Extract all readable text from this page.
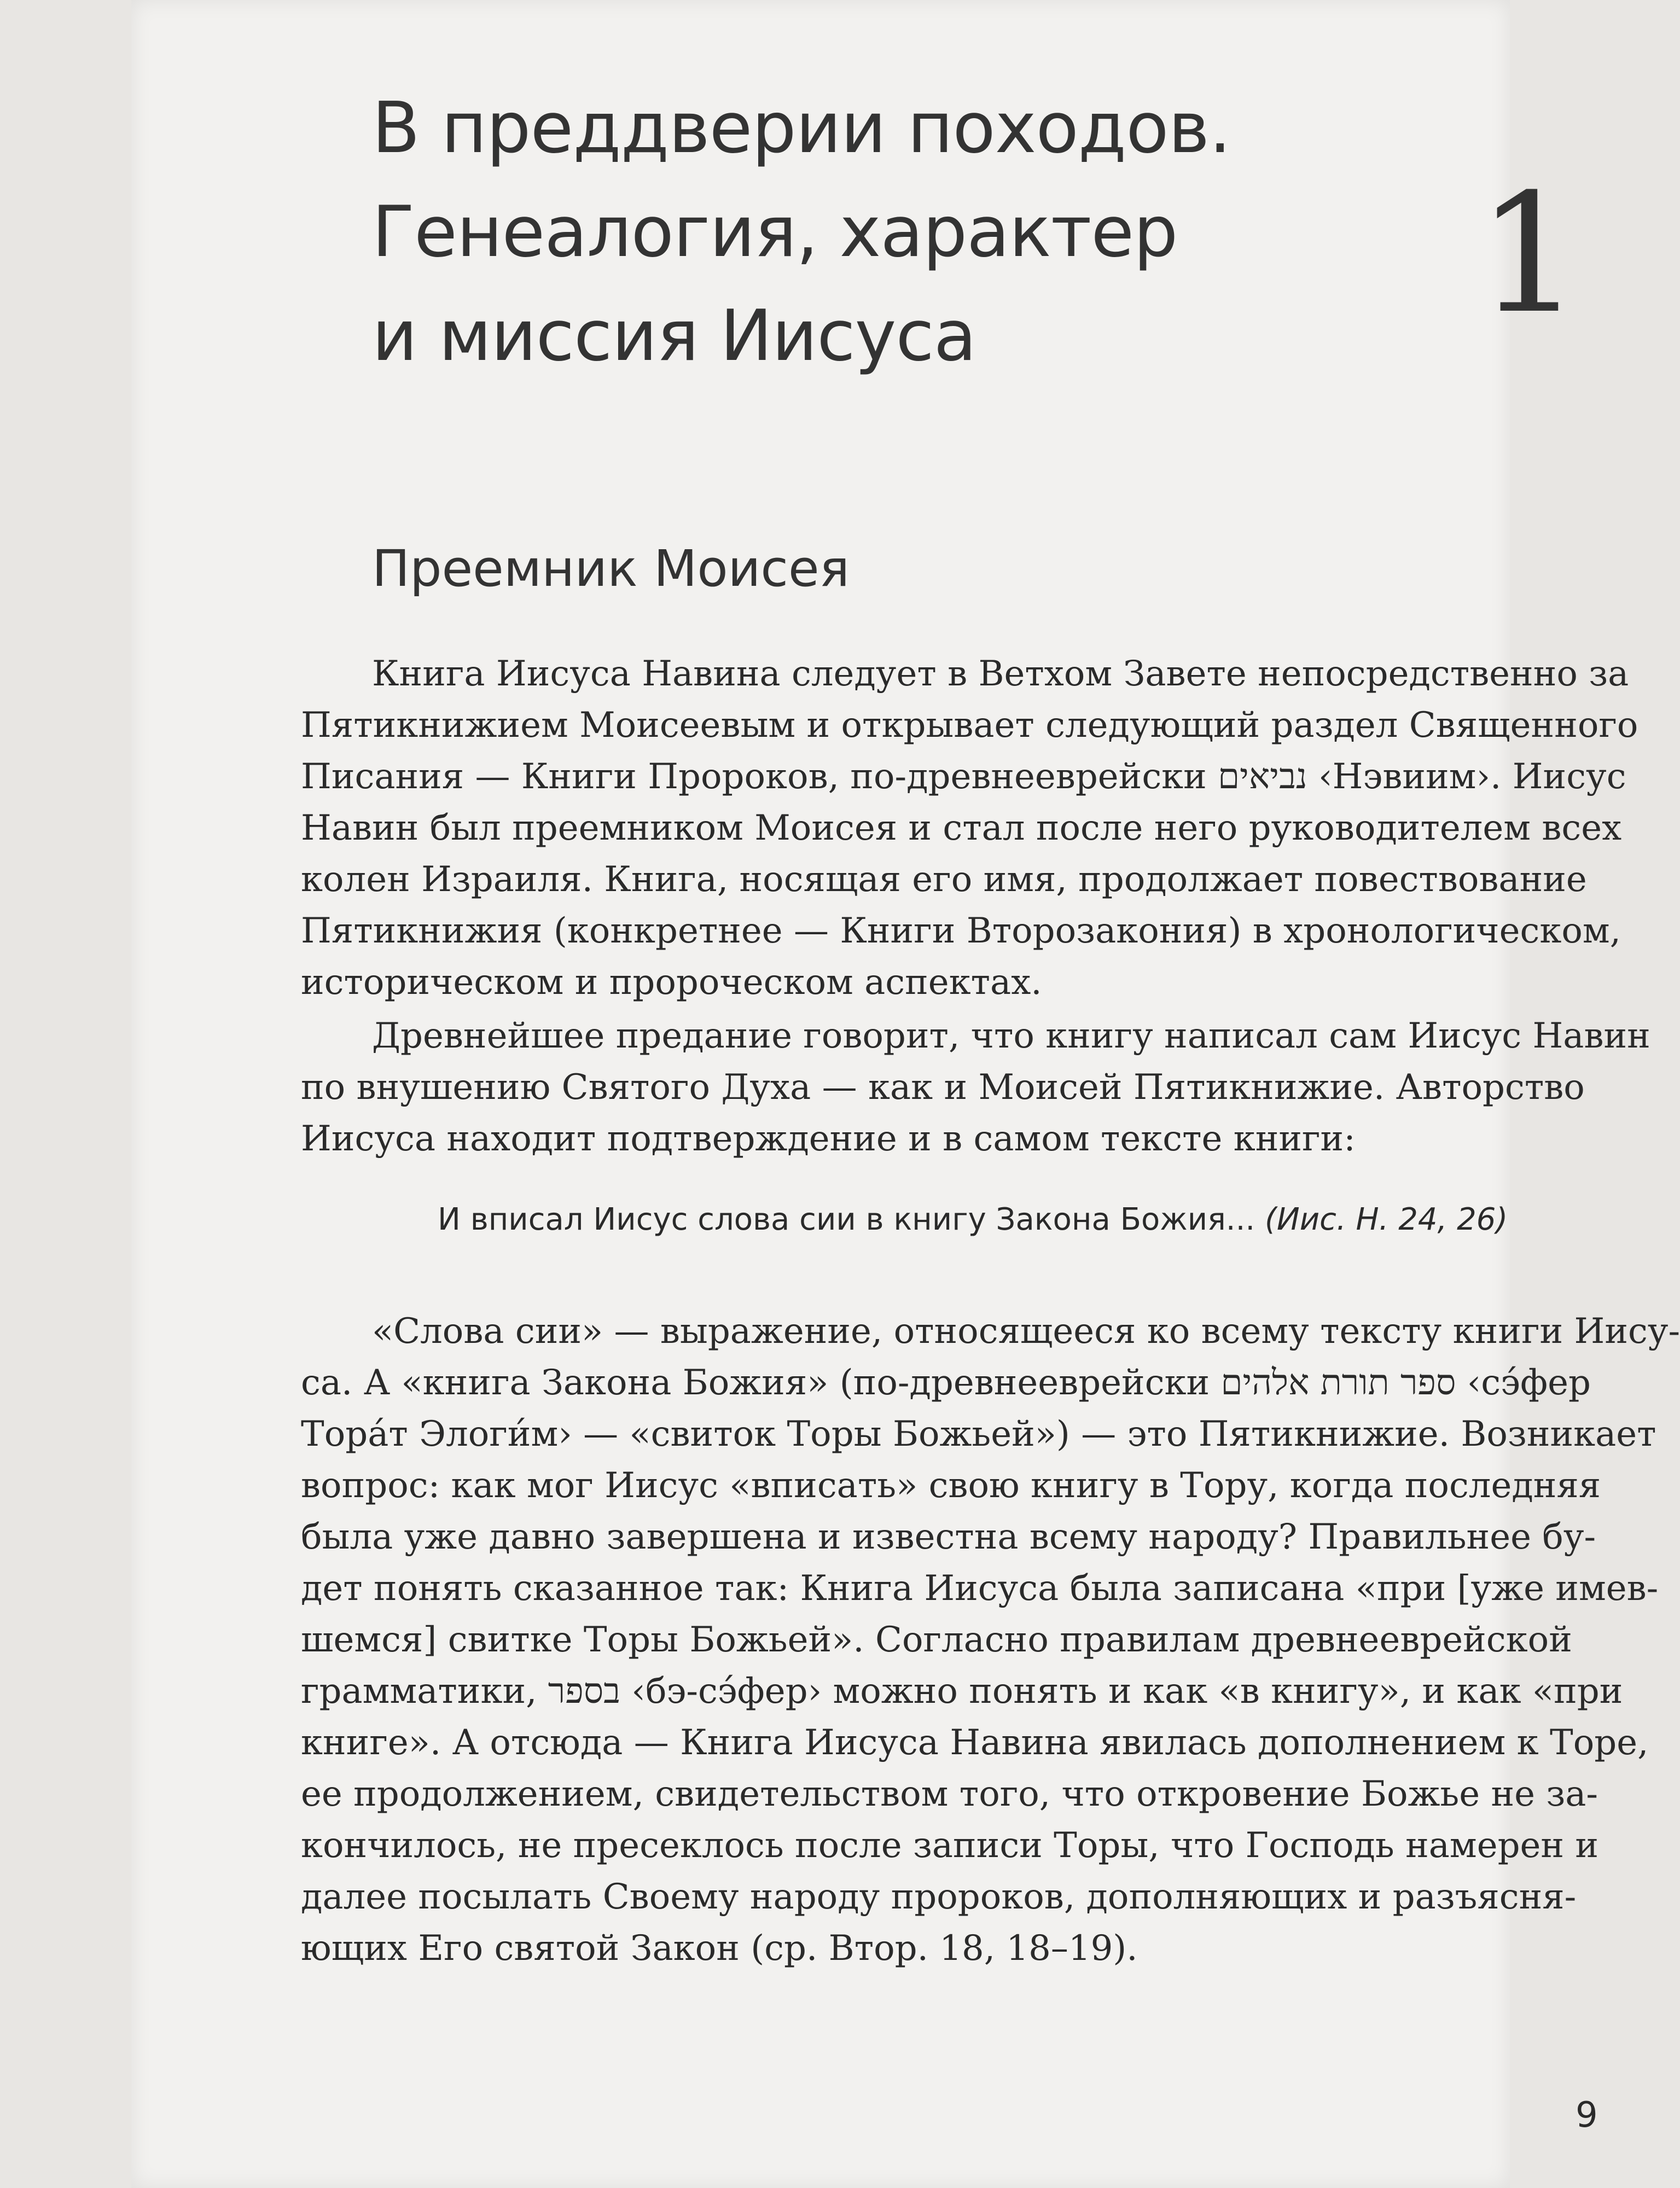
В преддверии походов.
Генеалогия, характер
и миссия Иисуса	1
Преемник Моисея
Книга Иисуса Навина следует в Ветхом Завете непосредственно за
Пятикнижием Моисеевым и открывает следующий раздел Священного
Писания — Книги Пророков, по-древнееврейски נביאים ‹Нэвиим›. Иисус
Навин был преемником Моисея и стал после него руководителем всех
колен Израиля. Книга, носящая его имя, продолжает повествование
Пятикнижия (конкретнее — Книги Второзакония) в хронологическом,
историческом и пророческом аспектах.
Древнейшее предание говорит, что книгу написал сам Иисус Навин
по внушению Святого Духа — как и Моисей Пятикнижие. Авторство
Иисуса находит подтверждение и в самом тексте книги:
И вписал Иисус слова сии в книгу Закона Божия... (Иис. Н. 24, 26)
«Слова сии» — выражение, относящееся ко всему тексту книги Иису-
са. А «книга Закона Божия» (по-древнееврейски ספר תורת אלהים ‹сэ́фер
Тора́т Элоги́м› — «свиток Торы Божьей») — это Пятикнижие. Возникает
вопрос: как мог Иисус «вписать» свою книгу в Тору, когда последняя
была уже давно завершена и известна всему народу? Правильнее бу-
дет понять сказанное так: Книга Иисуса была записана «при [уже имев-
шемся] свитке Торы Божьей». Согласно правилам древнееврейской
грамматики, בספר ‹бэ-сэ́фер› можно понять и как «в книгу», и как «при
книге». А отсюда — Книга Иисуса Навина явилась дополнением к Торе,
ее продолжением, свидетельством того, что откровение Божье не за-
кончилось, не пресеклось после записи Торы, что Господь намерен и
далее посылать Своему народу пророков, дополняющих и разъясня-
ющих Его святой Закон (ср. Втор. 18, 18–19).
9
